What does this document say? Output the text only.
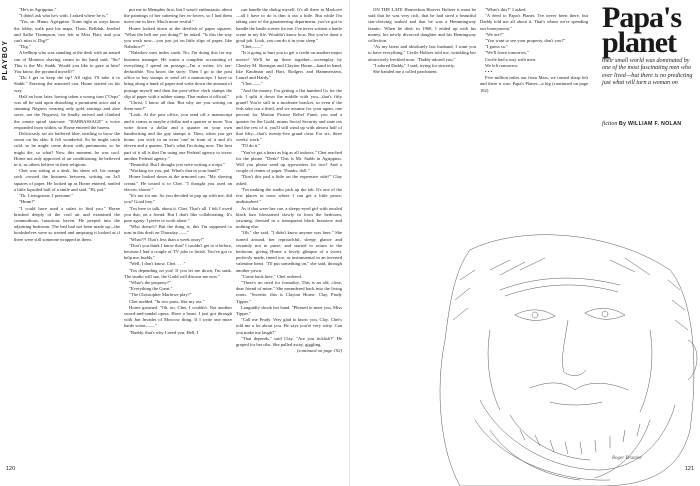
PLAYBOY

"He's in Agrippino."

"I didn't ask who he's with. I asked where he is."

"Yes, sir. Hmm. Agrippino. Trans tight as ways know the lobby, walk past his maps, Thais, Bellduh, Jezebel and Sallie Thompson, two left at Miss Flair, and you can't miss it. Dig?"

"Dig."

A hellhop who was standing at the desk with an armed can of Montero shaving cream in his hand said, "Sir? This is the Mr. Stabb. Would you like to gaze at him? You know, the pyramid myself?"

"Do I get to keep the tip? All right, I'll take it to Stabb." Entering the armored can, Horne started on his way.

Half an hour later, having taken a wrong turn ("Oops" was all he said upon disturbing a prominent actor and a stunning Negress wearing only gold earrings and aloe sores, not the Negress), he finally arrived and climbed the ornate spiral staircase. "HARRASSAGE" a voice responded from within, so Horne entered the harem.

Deliciously set air buffered blue, nestling to brow the sweat on his skin. It felt wonderful. So he might catch cold, so he might come down with pneumonia, so he might die, so what? Now, this moment, he was cool. Horne not only approved of air conditioning; he believed in it, as others believe in their religions.

Chet was sitting at a desk, his shoes off, his orange sock crossed the business between, writing on 3x5 squares of paper. He looked up as Horne entered, smiled a little lopsided half of a smile and said, "Hi, pal."

"Dr. Livingstone, I presume."

"Hmm?"

"I could have used a safari to find you." Horne brushed deeply of the cool air and examined the commodious, luxurious haven. He peeped into the adjoining bedroom. The bed had not been made up—the bookshelves were so treated and unsprung it looked as if there were still someone wrapped in them.

put me in Memphis first, but I wasn't enthusiastic about the paintings of her cattering her ex-lovers, so I had them move me in here. Much more restful."

Horne looked down at the devilish of paper squares. "What the hell are you doing?" he asked. "Is this the way you work now—you just jot on little slips of paper, like Nabokov?"

"Nabokov uses index cards. No, I'm doing this for my business manager. He wants a complete accounting of everything I spend on postage—I'm a writer, it's tax-deductible. You know the story: Then I go to the post office to buy stamps or send off a manuscript. I have to bring along a hunk of paper and write down the amount of postage myself and then the post-office clerk stamps the slip of paper with a rubber stamp. That makes it official."

"Christ, I know all that. But why are you writing on them now?"

"Look. At the post office, you send off a manuscript and it comes to maybe a dollar and a quarter or more. You write down a dollar and a quarter on your own handwriting and the guy stamps it. Then, when you get home, you stick in an extra 'one' in front of it and it's eleven and a quarter. That's what I'm doing now. The best part of it all is that I'm using one Federal agency to screw another Federal agency."

"Beautiful. But I thought you were writing a script."

"Working for you, pal. What's that in your hand?"

Horne looked down at the armored can. "My shaving cream." He tossed it to Chet. "I thought you used an electric shaver."

"It's not for me. So you decided to pop up with me, did you? Good boy."

"I'm here to talk, about it. Chet. That's all. I felt I owed you that, on a friend. But I don't like collaborating. It's pure agony. I prefer to work alone."

"Who doesn't? But the thing is, this I'm supposed to turn in this draft on Thursday——"

"What??! That's less than a week away!"

"Don't you think I know that? I couldn't get to it before, because I had a couple of TV jobs to finish. You've got to help me, buddy."

"Well, I don't know, Chet. . . ."

"I'm depending on you! If you let me down, I'm sunk. The studio will sue, the Guild will disown me now."

"What's the property?"

"Everything the Great."

"The Christopher Marlowe play?"

Chet nodded. "In two parts, like my ass."

Horne groaned. "Oh, no, Chet, I couldn't. Not another sword-and-sandal opera. Have a heart. I just got through with Jun Invader of Moscow thing. If I write one more battle scene——"

"Buddy, that's why I need you. Hell, I

can handle the dialog myself. It's all there in Marlowe—all I have to do is thin it out a little. But while I'm taking care of the gamineering department, you've got to handle the battle scenes for me. I've never written a battle scene in my life. Wouldn't know how. But you've done a good job. Look, you can do it in your sleep."

"Chet——"

"Is it going to hurt you to get a credit on another major movie? We'll be up there together—screenplay by Chesley M. Sberngus and Clayton Horne—hand in hand, like Kaufman and Hart, Rodgers and Hammerstein, Laurel and Hardy."

"Chet——"

"And the money. I'm getting a flat hundred Gs for the job. I split it down the middle with you—that's fifty grand! You're still in a moderate bracket, so even if the feds take out a third, and we assume for your agent, one percent for Motion Picture Relief Fund, you and a quarter for the Guild, minus Social Security and state tax and the rest of it, you'll still wind up with almost half of that fifty—that's twenty-five grand clear. For six, three weeks' work."

"I'll do it."

"You've got a heart as big as all indoors." Chet reached for the phone. "Desk? This is Mr. Stabb in Agrippino. Will you please send up typewriters for two? And a couple of reams of paper. Thanks, doll."

"Don't this pad a little on the expensive side?" Clay asked.

"I'm making the studio pick up the tab. It's one of the few places in town where I can get a little peace, undisturbed."

As if that were her cue, a sleepy-eyed girl with tousled black hair blossomed slowly in from the bedroom, yawning, dressed in a transparent black brassiere and nothing else.

"Oh," she said, "I didn't know anyone was here." She turned around, her reproachful, sleepy glance and certainly not in purse, and started to return to the bedroom, giving Horne a lovely glimpse of a sweet, perfectly made, tinted too, as instrumental in an inverted valentine heart. "I'll put something on," she said, through another yawn.

"Come back here," Chet ordered.

"There's no need for formality. This is an old, close, dear friend of mine." She meandered back into the living room. "Sweetie, this is Clayton Horne. Clay, Prudy Tipper."

Languidly shook her hand. "Pleased to meet you, Miss Tipper."

"Call me Prudy. Very glad to know you, Clay. Chet's told me a lot about you. He says you're very witty. Can you make me laugh?"

"That depends," said Clay. "Are you ticklish?" He groped for her ribs. She pulled away, giggling.

(continued on page 192)

120

ON THE LATE Hauverkon Hoover Holtzer it must be said that he was very rich, that he had sired a beautiful star-cleaving seabed and that he was a Hemmingway fanatic. When he died, in 1968, I ended up with his money, his newly divorced daughter and his Hemingway collection.

"As my latest and absolutely last husband, I want you to have everything," Cecile Holtzer told me, wrinkling her attractively freckled nose. "Daddy adored you."

"I adored Daddy," I said, trying for sincerity.

She handed me a rolled parchment.

"What's this?" I asked.

"A deed to Papa's Planet. I've never been there, but Daddy told me all about it. That's where we're spending our honeymoon."

"We are?"

"You want to see your property, don't you?"

"I guess so."

"We'll leave tomorrow."

Cecile had a way with men.

We left tomorrow.

• • •

Five million miles out from Mars, we turned sharp left and there it was: Papa's Planet—a big (continued on page 182)

Papa's
planet
their small world was dominated by one of the most fascinating men who ever lived—but there is no predicting just what will turn a woman on
fiction By WILLIAM F. NOLAN
Roger Brunner
121
